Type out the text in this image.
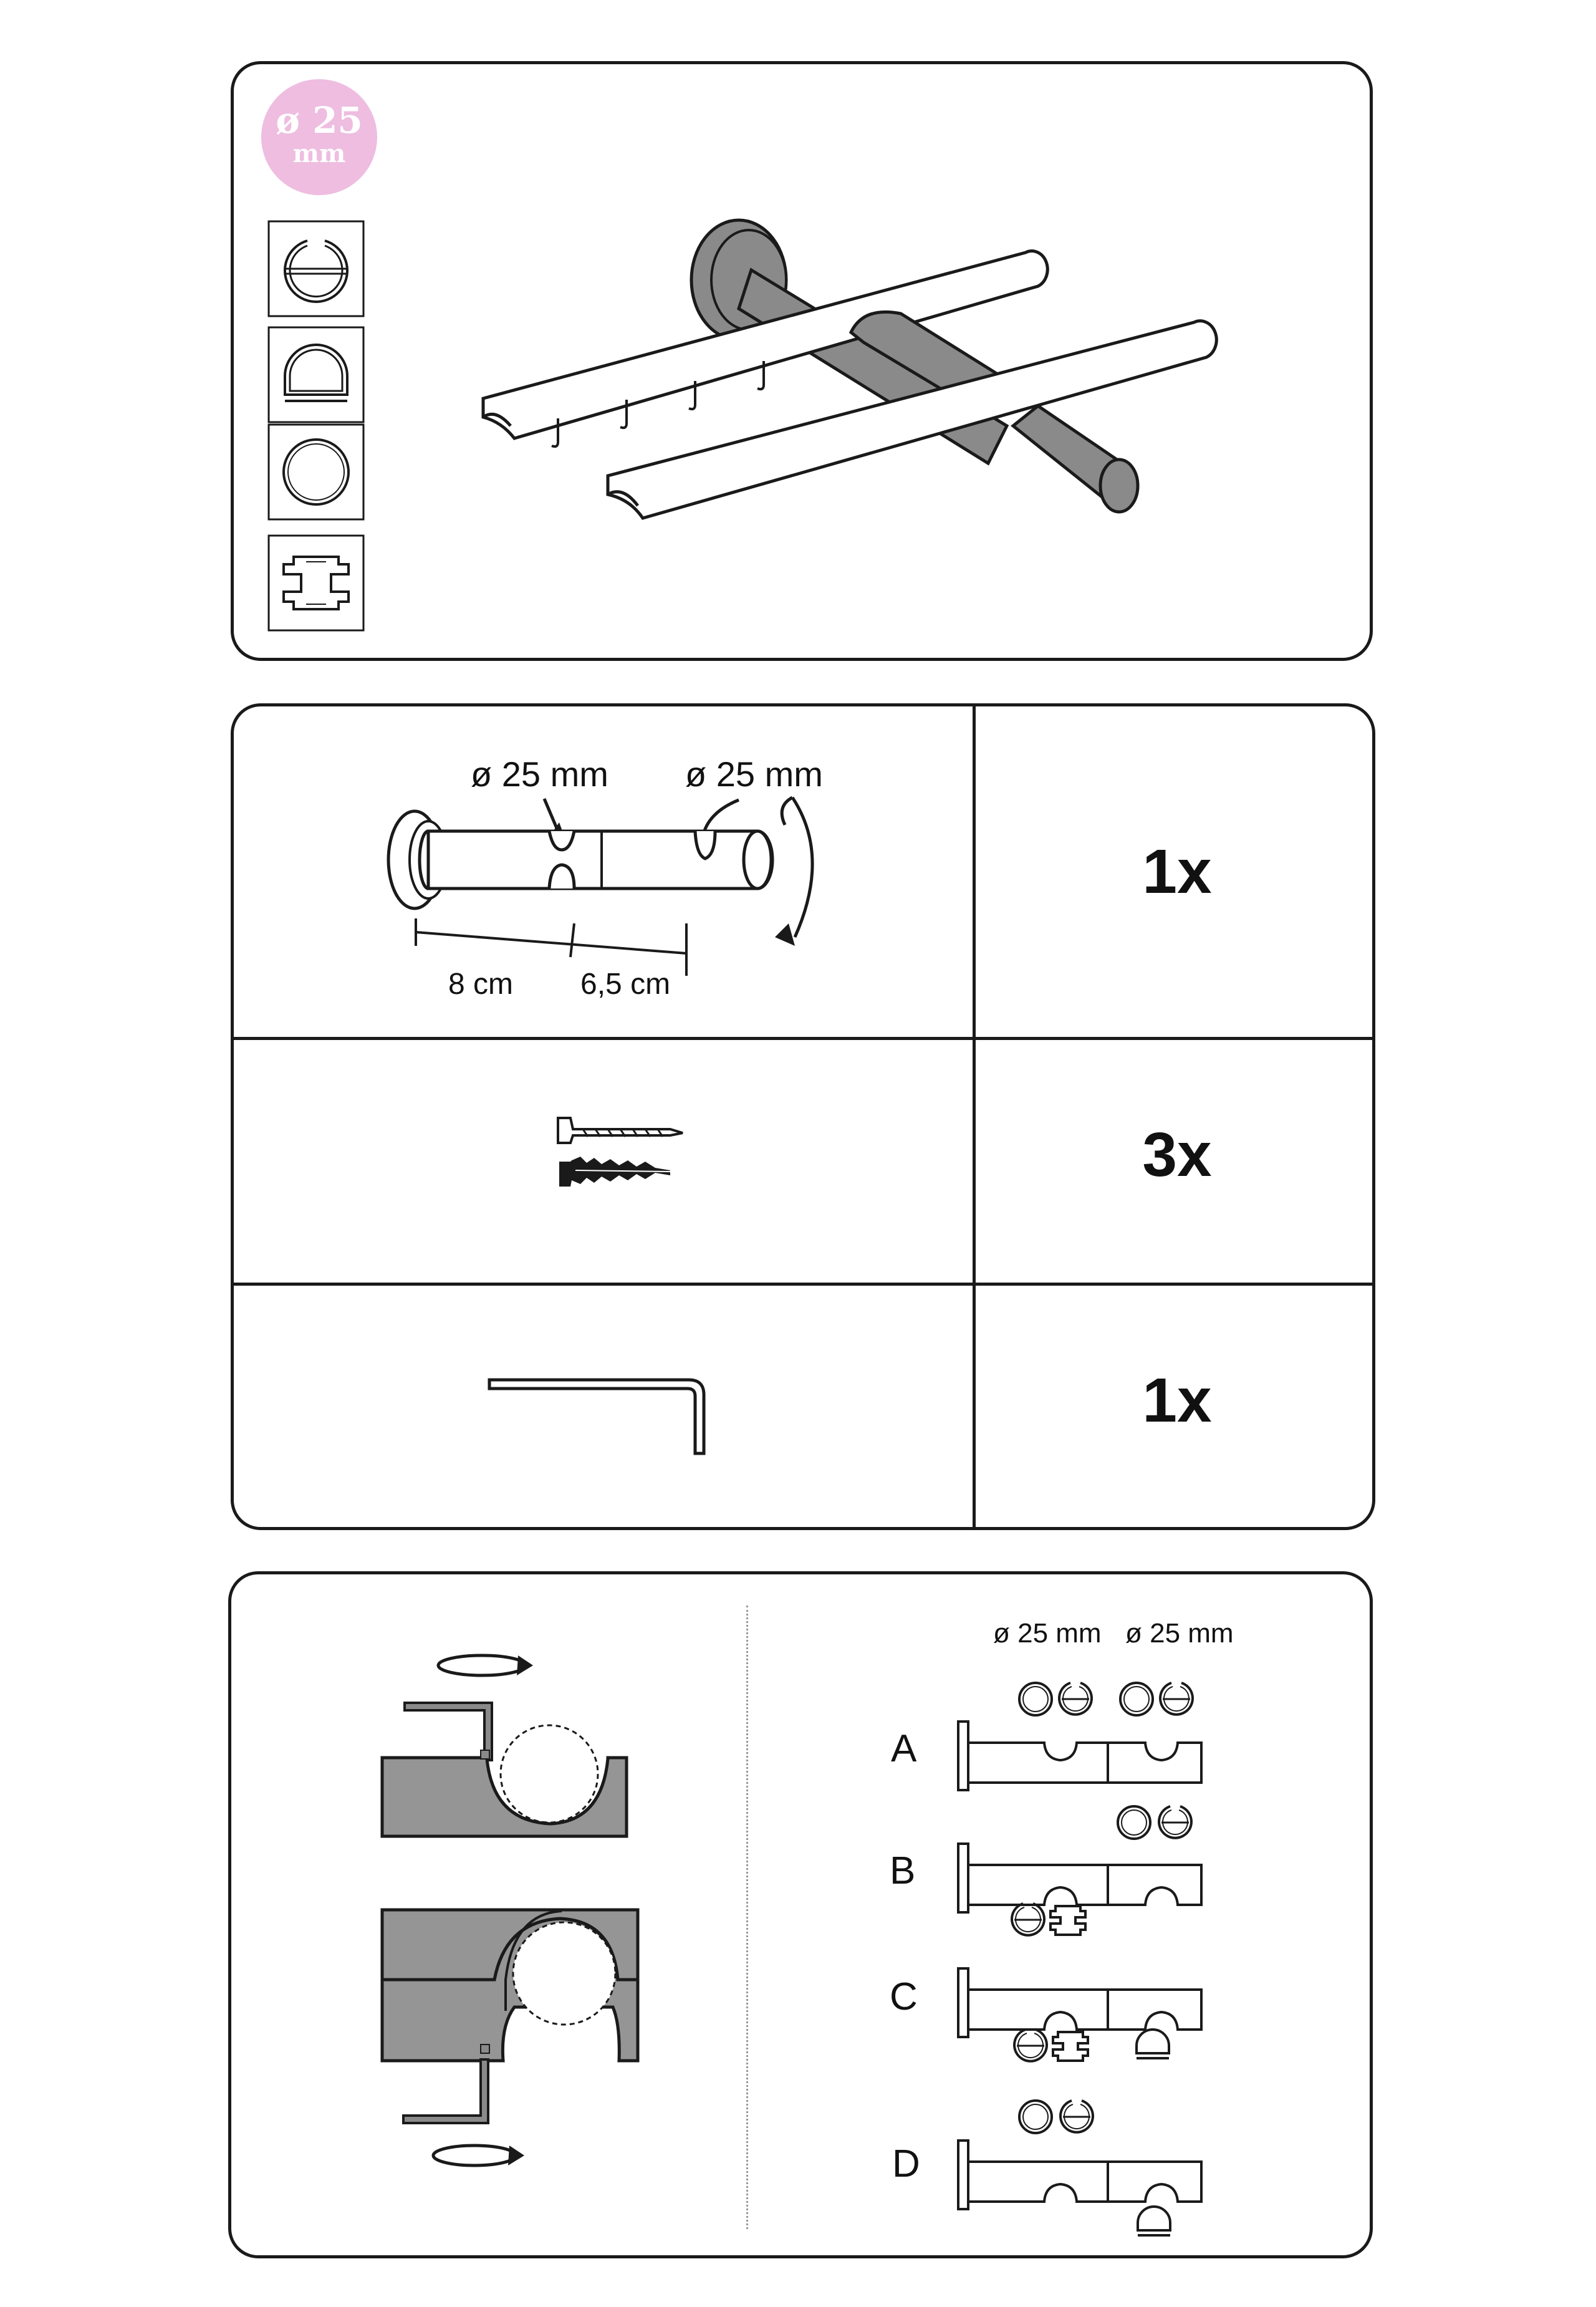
ø 25
mm
ø 25 mm ø 25 mm
8 cm 6,5 cm
1x
3x
1x
ø 25 mm ø 25 mm
A
B
C
D
